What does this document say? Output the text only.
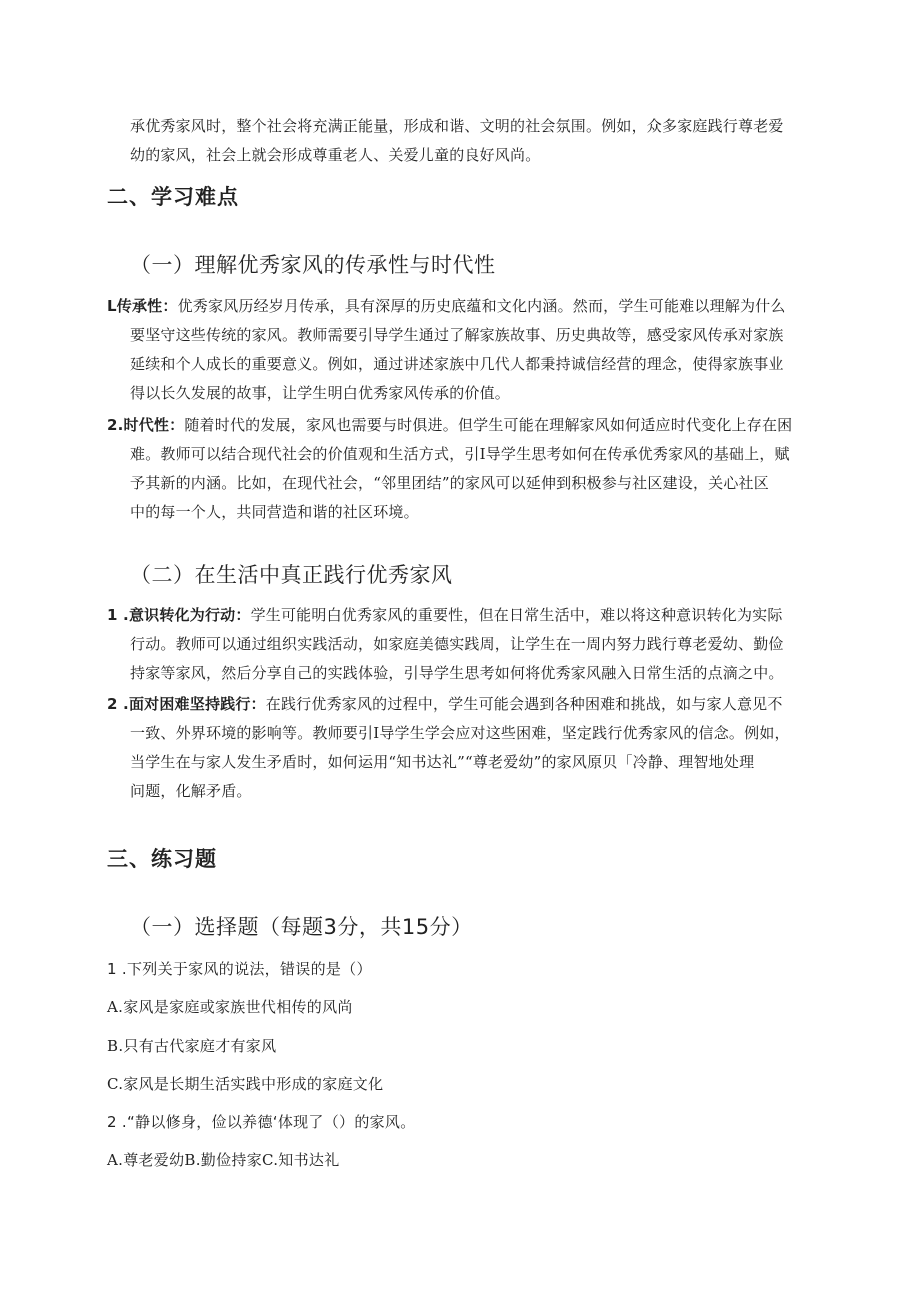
承优秀家风时，整个社会将充满正能量，形成和谐、文明的社会氛围。例如，众多家庭践行尊老爱
幼的家风，社会上就会形成尊重老人、关爱儿童的良好风尚。
二、学习难点
（一）理解优秀家风的传承性与时代性
L传承性：优秀家风历经岁月传承，具有深厚的历史底蕴和文化内涵。然而，学生可能难以理解为什么
要坚守这些传统的家风。教师需要引导学生通过了解家族故事、历史典故等，感受家风传承对家族
延续和个人成长的重要意义。例如，通过讲述家族中几代人都秉持诚信经营的理念，使得家族事业
得以长久发展的故事，让学生明白优秀家风传承的价值。
2.时代性：随着时代的发展，家风也需要与时俱进。但学生可能在理解家风如何适应时代变化上存在困
难。教师可以结合现代社会的价值观和生活方式，引I导学生思考如何在传承优秀家风的基础上，赋
予其新的内涵。比如，在现代社会，“邻里团结”的家风可以延伸到积极参与社区建设，关心社区
中的每一个人，共同营造和谐的社区环境。
（二）在生活中真正践行优秀家风
1 .意识转化为行动：学生可能明白优秀家风的重要性，但在日常生活中，难以将这种意识转化为实际
行动。教师可以通过组织实践活动，如家庭美德实践周，让学生在一周内努力践行尊老爱幼、勤俭
持家等家风，然后分享自己的实践体验，引导学生思考如何将优秀家风融入日常生活的点滴之中。
2 .面对困难坚持践行：在践行优秀家风的过程中，学生可能会遇到各种困难和挑战，如与家人意见不
一致、外界环境的影响等。教师要引I导学生学会应对这些困难，坚定践行优秀家风的信念。例如，
当学生在与家人发生矛盾时，如何运用“知书达礼”“尊老爱幼”的家风原贝「冷静、理智地处理
问题，化解矛盾。
三、练习题
（一）选择题（每题3分，共15分）
1 .下列关于家风的说法，错误的是（）
A.家风是家庭或家族世代相传的风尚
B.只有古代家庭才有家风
C.家风是长期生活实践中形成的家庭文化
2 .“静以修身，俭以养德‘体现了（）的家风。
A.尊老爱幼B.勤俭持家C.知书达礼
